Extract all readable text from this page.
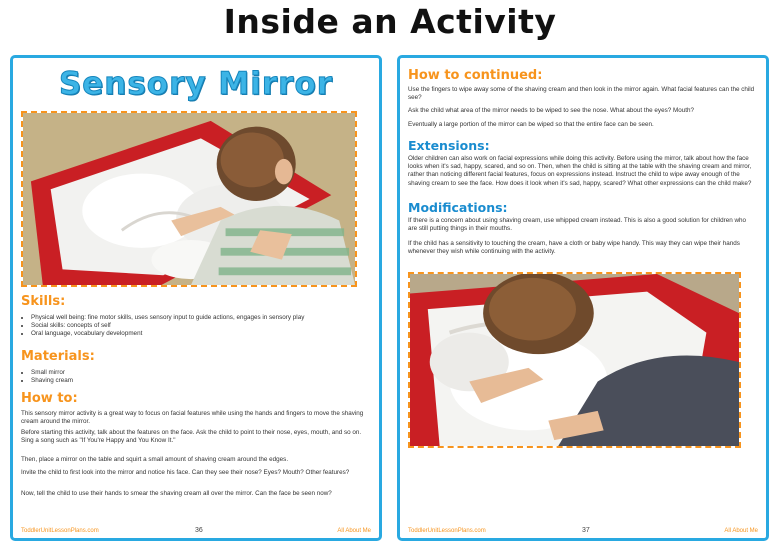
Inside an Activity
Sensory Mirror
Skills:
• Physical well being: fine motor skills, uses sensory input to guide actions, engages in sensory play
• Social skills: concepts of self
• Oral language, vocabulary development
Materials:
• Small mirror
• Shaving cream
How to:

This sensory mirror activity is a great way to focus on facial features while using the hands and fingers to move the shaving cream around the mirror.

Before starting this activity, talk about the features on the face. Ask the child to point to their nose, eyes, mouth, and so on. Sing a song such as "If You're Happy and You Know It."

Then, place a mirror on the table and squirt a small amount of shaving cream around the edges.

Invite the child to first look into the mirror and notice his face. Can they see their nose? Eyes? Mouth? Other features?

Now, tell the child to use their hands to smear the shaving cream all over the mirror. Can the face be seen now?

ToddlerUnitLessonPlans.com	36	All About Me
How to continued:

Use the fingers to wipe away some of the shaving cream and then look in the mirror again. What facial features can the child see?

Ask the child what area of the mirror needs to be wiped to see the nose. What about the eyes? Mouth?

Eventually a large portion of the mirror can be wiped so that the entire face can be seen.

Extensions:

Older children can also work on facial expressions while doing this activity. Before using the mirror, talk about how the face looks when it's sad, happy, scared, and so on. Then, when the child is sitting at the table with the shaving cream and mirror, rather than noticing different facial features, focus on expressions instead. Instruct the child to wipe away enough of the shaving cream to see the face. How does it look when it's sad, happy, scared? What other expressions can the child make?

Modifications:

If there is a concern about using shaving cream, use whipped cream instead. This is also a good solution for children who are still putting things in their mouths.

If the child has a sensitivity to touching the cream, have a cloth or baby wipe handy. This way they can wipe their hands whenever they wish while continuing with the activity.

ToddlerUnitLessonPlans.com	37	All About Me
